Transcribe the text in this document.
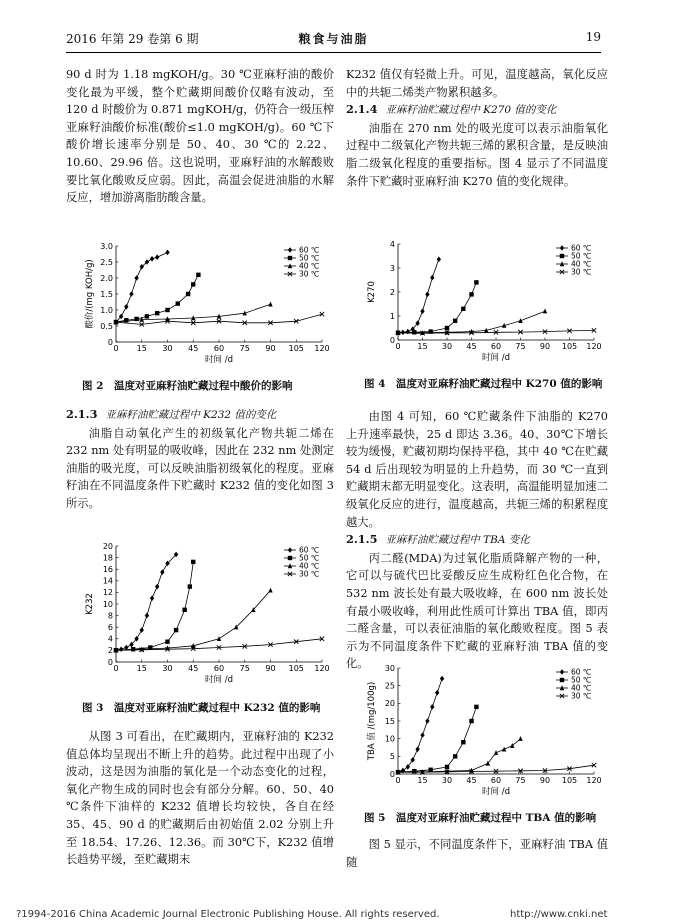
2016 年第 29 卷第 6 期	粮食与油脂	19

90 d 时为 1.18 mgKOH/g。30 ℃亚麻籽油的酸价变化最为平缓，整个贮藏期间酸价仅略有波动，至 120 d 时酸价为 0.871 mgKOH/g，仍符合一级压榨亚麻籽油酸价标准(酸价≤1.0 mgKOH/g)。60 ℃下酸价增长速率分别是 50、40、30 ℃的 2.22、10.60、29.96 倍。这也说明，亚麻籽油的水解酸败要比氧化酸败反应弱。因此，高温会促进油脂的水解反应，增加游离脂肪酸含量。

0 15 30 45 60 75 90 105 120
0
0.5
1.0
1.5
2.0
2.5
3.0
时间 /d
酸价/(mg KOH/g)
60 ℃
50 ℃
40 ℃
30 ℃
图 2　温度对亚麻籽油贮藏过程中酸价的影响

2.1.3 亚麻籽油贮藏过程中 K232 值的变化

油脂自动氧化产生的初级氧化产物共轭二烯在 232 nm 处有明显的吸收峰，因此在 232 nm 处测定油脂的吸光度，可以反映油脂初级氧化的程度。亚麻籽油在不同温度条件下贮藏时 K232 值的变化如图 3 所示。

0 15 30 45 60 75 90 105 120
0
2
4
6
8
10
12
14
16
18
20
时间 /d
K232
60 ℃
50 ℃
40 ℃
30 ℃
图 3　温度对亚麻籽油贮藏过程中 K232 值的影响

从图 3 可看出，在贮藏期内，亚麻籽油的 K232 值总体均呈现出不断上升的趋势。此过程中出现了小波动，这是因为油脂的氧化是一个动态变化的过程，氧化产物生成的同时也会有部分分解。60、50、40 ℃条件下油样的 K232 值增长均较快，各自在经 35、45、90 d 的贮藏期后由初始值 2.02 分别上升至 18.54、17.26、12.36。而 30℃下，K232 值增长趋势平缓，至贮藏期末

K232 值仅有轻微上升。可见，温度越高，氧化反应中的共轭二烯类产物累积越多。

2.1.4 亚麻籽油贮藏过程中 K270 值的变化

油脂在 270 nm 处的吸光度可以表示油脂氧化过程中二级氧化产物共轭三烯的累积含量，是反映油脂二级氧化程度的重要指标。图 4 显示了不同温度条件下贮藏时亚麻籽油 K270 值的变化规律。

0 15 30 45 60 75 90 105 120
0
1
2
3
4
时间 /d
K270
60 ℃
50 ℃
40 ℃
30 ℃
图 4　温度对亚麻籽油贮藏过程中 K270 值的影响

由图 4 可知，60 ℃贮藏条件下油脂的 K270 上升速率最快，25 d 即达 3.36。40、30℃下增长较为缓慢，贮藏初期均保持平稳，其中 40 ℃在贮藏 54 d 后出现较为明显的上升趋势，而 30 ℃一直到贮藏期末都无明显变化。这表明，高温能明显加速二级氧化反应的进行，温度越高，共轭三烯的积累程度越大。

2.1.5 亚麻籽油贮藏过程中 TBA 变化

丙二醛(MDA)为过氧化脂质降解产物的一种，它可以与硫代巴比妥酸反应生成粉红色化合物，在 532 nm 波长处有最大吸收峰，在 600 nm 波长处有最小吸收峰，利用此性质可计算出 TBA 值，即丙二醛含量，可以表征油脂的氧化酸败程度。图 5 表示为不同温度条件下贮藏的亚麻籽油 TBA 值的变化。

0 15 30 45 60 75 90 105 120
0
5
10
15
20
25
30
时间 /d
TBA 值 /(mg/100g)
60 ℃
50 ℃
40 ℃
30 ℃
图 5　温度对亚麻籽油贮藏过程中 TBA 值的影响

图 5 显示，不同温度条件下，亚麻籽油 TBA 值随

?1994-2016 China Academic Journal Electronic Publishing House. All rights reserved.	http://www.cnki.net
